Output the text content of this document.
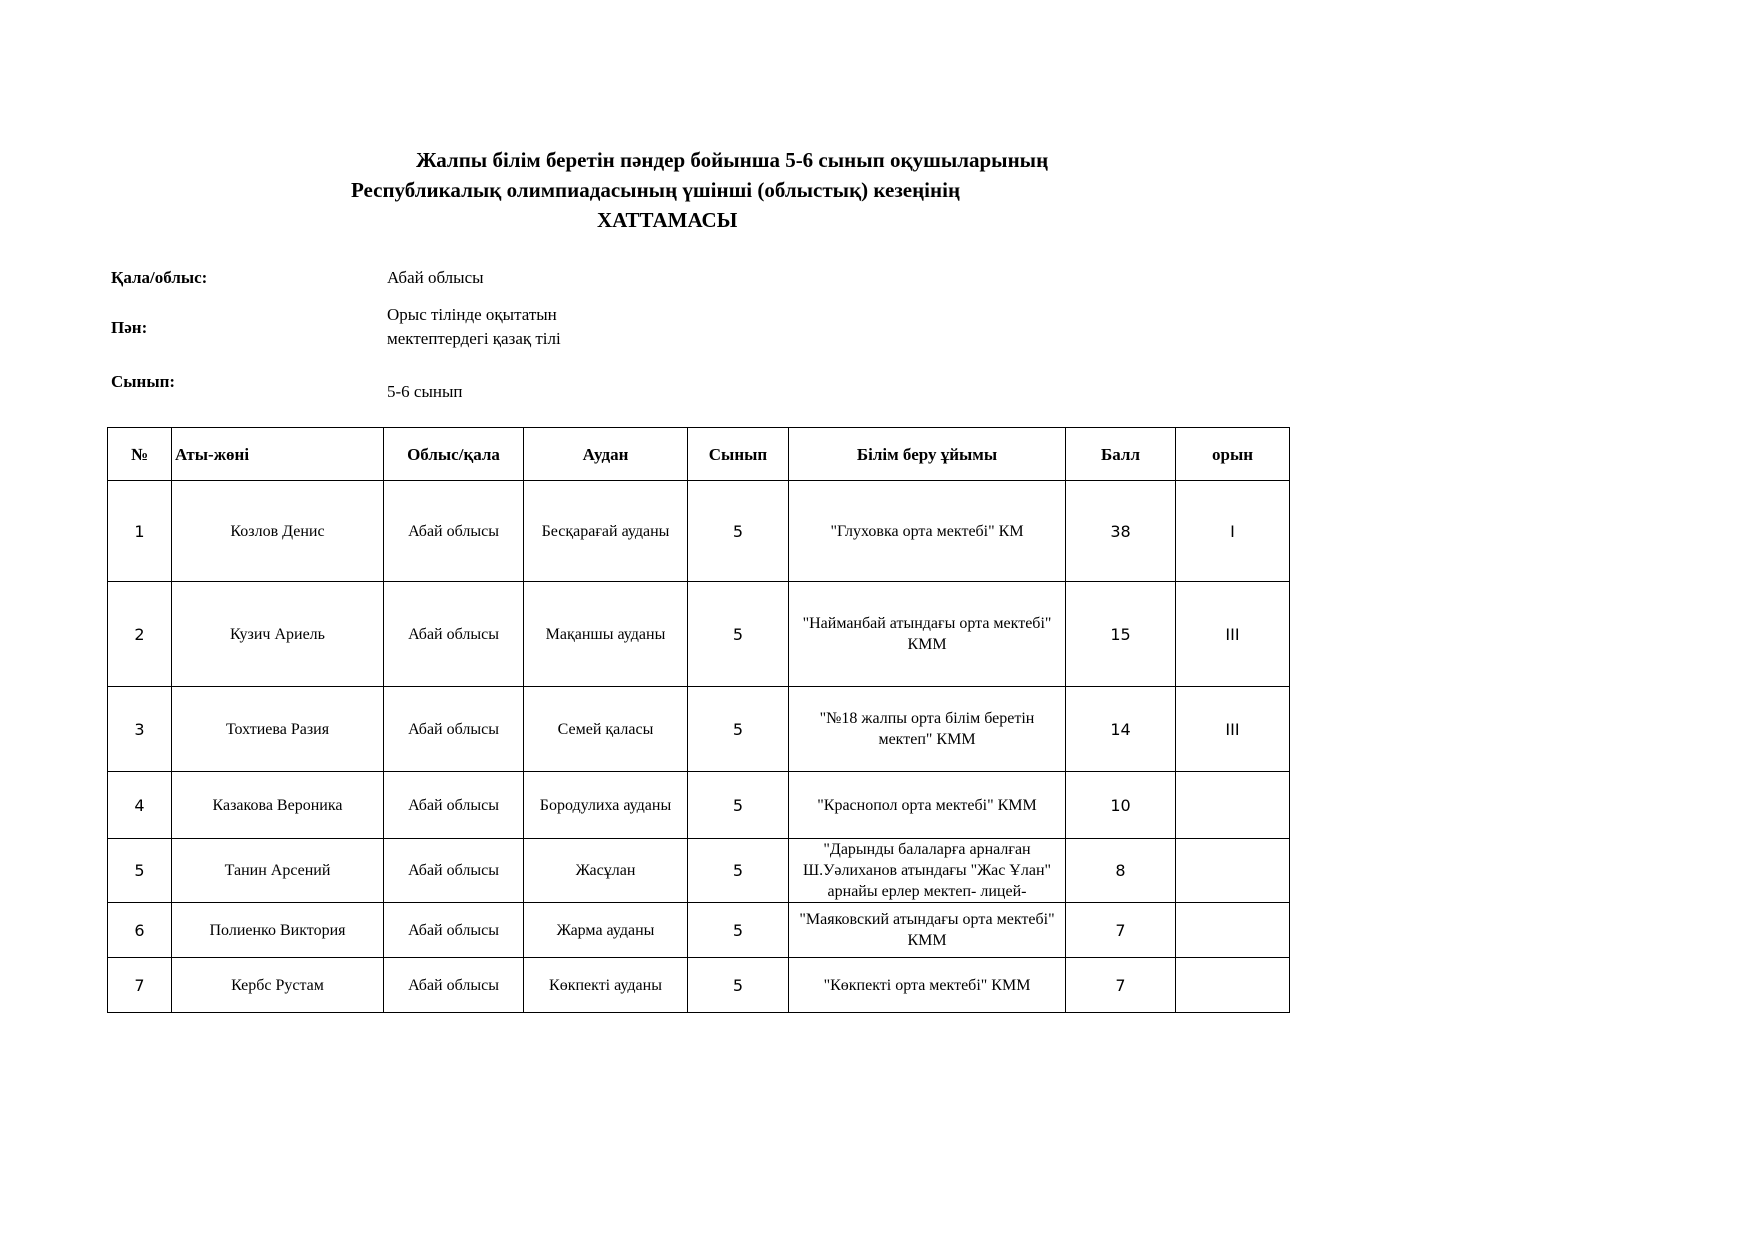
Жалпы білім беретін пәндер бойынша 5-6 сынып оқушыларының
Республикалық олимпиадасының үшінші (облыстық) кезеңінің
ХАТТАМАСЫ
Қала/облыс:	Абай облысы
Пән:
Орыс тілінде оқытатын
мектептердегі қазақ тілі
Сынып:
5-6 сынып
№	Аты-жөні	Облыс/қала	Аудан	Сынып	Білім беру ұйымы	Балл	орын
1	Козлов Денис	Абай облысы	Бесқарағай ауданы	5	"Глуховка орта мектебі" КМ	38	I
2	Кузич Ариель	Абай облысы	Мақаншы ауданы	5	"Найманбай атындағы орта мектебі" КММ	15	III
3	Тохтиева Разия	Абай облысы	Семей қаласы	5	"№18 жалпы орта білім беретін мектеп" КММ	14	III
4	Казакова Вероника	Абай облысы	Бородулиха ауданы	5	"Краснопол орта мектебі" КММ	10	
5	Танин Арсений	Абай облысы	Жасұлан	5	"Дарынды балаларға арналған Ш.Уәлиханов атындағы "Жас Ұлан" арнайы ерлер мектеп- лицей-	8	
6	Полиенко Виктория	Абай облысы	Жарма ауданы	5	"Маяковский атындағы орта мектебі" КММ	7	
7	Кербс Рустам	Абай облысы	Көкпекті ауданы	5	"Көкпекті орта мектебі" КММ	7	
